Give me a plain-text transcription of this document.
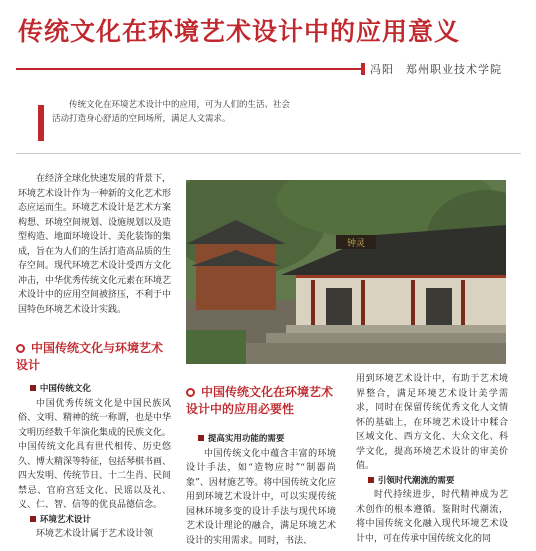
传统文化在环境艺术设计中的应用意义
冯阳　郑州职业技术学院

传统文化在环境艺术设计中的应用，可为人们的生活、社会活动打造身心舒适的空间场所，满足人文需求。

在经济全球化快速发展的背景下，环境艺术设计作为一种新的文化艺术形态应运而生。环境艺术设计是艺术方案构想、环境空间规划、设施规划以及造型构造、地面环境设计、美化装饰的集成，旨在为人们的生活打造高品质的生存空间。现代环境艺术设计受西方文化冲击，中华优秀传统文化元素在环境艺术设计中的应用空间被挤压，不利于中国特色环境艺术设计实践。

中国传统文化与环境艺术设计

中国传统文化

中国优秀传统文化是中国民族风俗、文明、精神的统一称谓，也是中华文明历经数千年演化集成的民族文化。中国传统文化具有世代相传、历史悠久、博大精深等特征，包括琴棋书画、四大发明、传统节日、十二生肖、民间禁忌、官府宫廷文化、民谣以及礼、义、仁、智、信等的优良品德信念。

环境艺术设计

环境艺术设计属于艺术设计领

钟灵
中国传统文化在环境艺术设计中的应用必要性

提高实用功能的需要

中国传统文化中蕴含丰富的环境设计手法，如“造物应时”“制器尚象”、因材施艺等。将中国传统文化应用到环境艺术设计中，可以实现传统园林环境多变的设计手法与现代环境艺术设计理论的融合，满足环境艺术设计的实用需求。同时，书法、

用到环境艺术设计中，有助于艺术境界整合，满足环境艺术设计美学需求，同时在保留传统优秀文化人文情怀的基础上，在环境艺术设计中糅合区域文化、西方文化、大众文化、科学文化，提高环境艺术设计的审美价值。

引领时代潮流的需要

时代持续进步，时代精神成为艺术创作的根本遵循。鉴附时代潮流，将中国传统文化融入现代环境艺术设计中，可在传承中国传统文化的同
